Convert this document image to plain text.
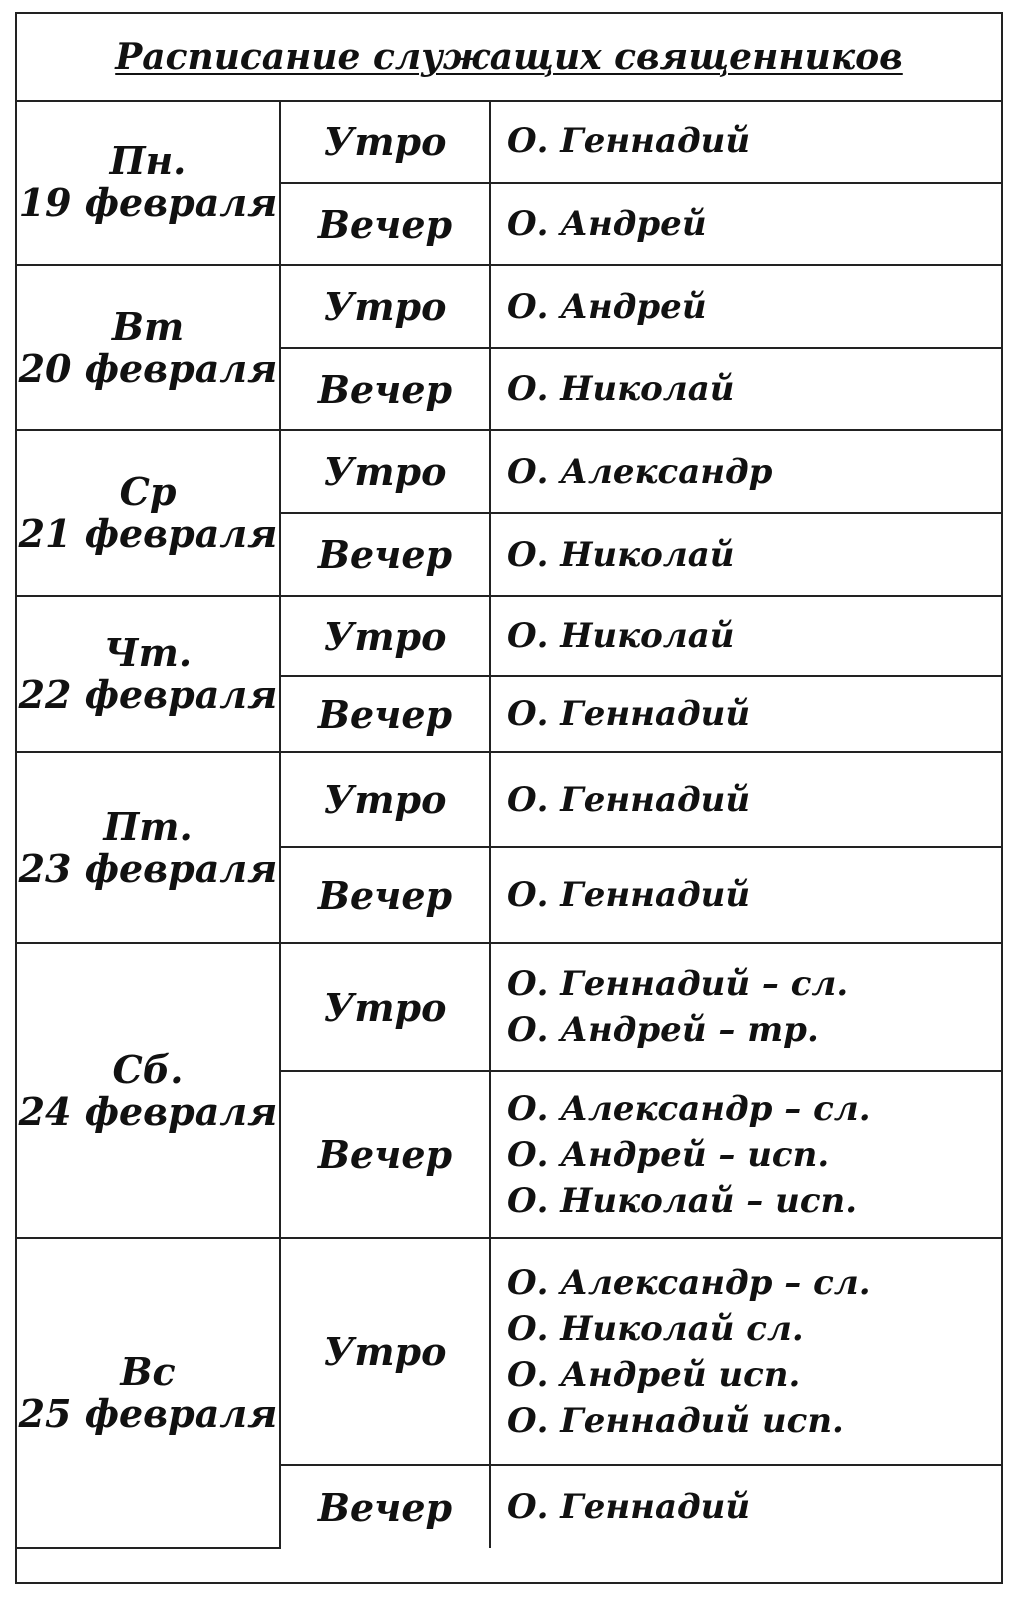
Расписание служащих священников
Пн.
19 февраля	Утро	О. Геннадий

	Вечер	О. Андрей

Вт
20 февраля	Утро	О. Андрей

	Вечер	О. Николай

Ср
21 февраля	Утро	О. Александр

	Вечер	О. Николай

Чт.
22 февраля	Утро	О. Николай

	Вечер	О. Геннадий

Пт.
23 февраля	Утро	О. Геннадий

	Вечер	О. Геннадий

Сб.
24 февраля	Утро	О. Геннадий – сл.
О. Андрей – тр.

	Вечер	О. Александр – сл.
О. Андрей – исп.
О. Николай – исп.

Вс
25 февраля	Утро	О. Александр – сл.
О. Николай сл.
О. Андрей исп.
О. Геннадий исп.

	Вечер	О. Геннадий
